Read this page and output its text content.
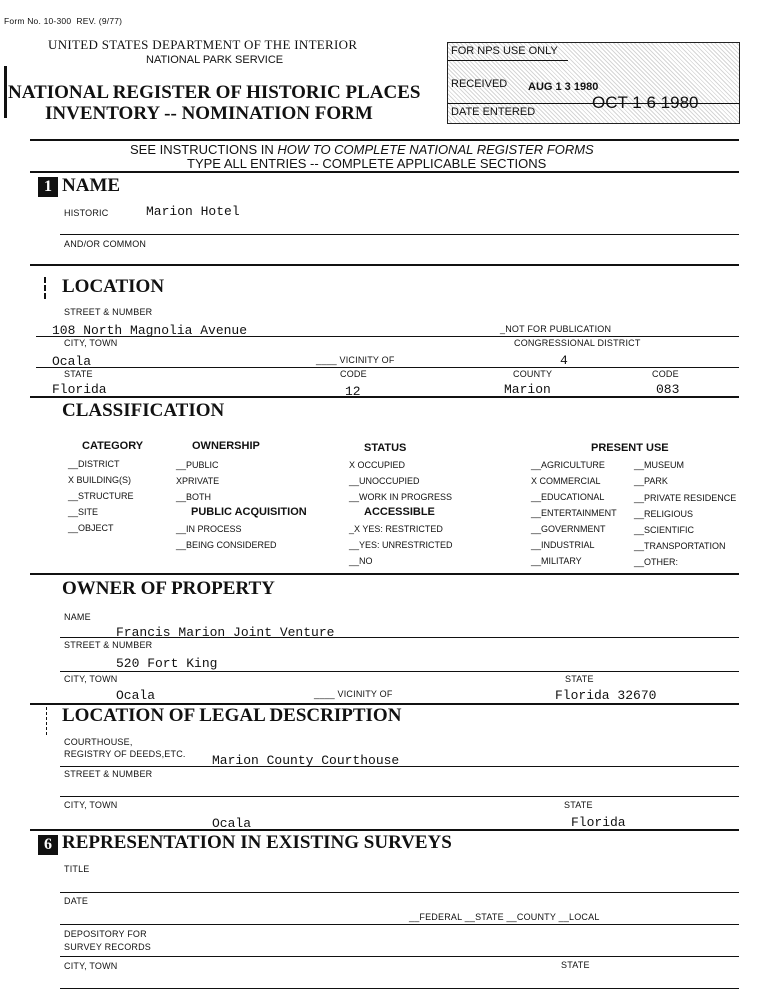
Form No. 10-300 REV. (9/77)
UNITED STATES DEPARTMENT OF THE INTERIOR
NATIONAL PARK SERVICE
NATIONAL REGISTER OF HISTORIC PLACES
INVENTORY -- NOMINATION FORM
FOR NPS USE ONLY
RECEIVED AUG 1 3 1980
DATE ENTERED	OCT 1 6 1980
SEE INSTRUCTIONS IN HOW TO COMPLETE NATIONAL REGISTER FORMS
TYPE ALL ENTRIES -- COMPLETE APPLICABLE SECTIONS
1 NAME
HISTORIC	Marion Hotel
AND/OR COMMON
LOCATION
STREET & NUMBER
108 North Magnolia Avenue	_NOT FOR PUBLICATION
CITY, TOWN	CONGRESSIONAL DISTRICT
Ocala	____ VICINITY OF	4
STATE	CODE	COUNTY	CODE
Florida	12	Marion	083
CLASSIFICATION
CATEGORY
__DISTRICT
X BUILDING(S)
__STRUCTURE
__SITE
__OBJECT
OWNERSHIP
__PUBLIC
XPRIVATE
__BOTH
PUBLIC ACQUISITION
__IN PROCESS
__BEING CONSIDERED
STATUS
X OCCUPIED
__UNOCCUPIED
__WORK IN PROGRESS
ACCESSIBLE
_X YES: RESTRICTED
__YES: UNRESTRICTED
__NO
PRESENT USE
__AGRICULTURE
X COMMERCIAL
__EDUCATIONAL
__ENTERTAINMENT
__GOVERNMENT
__INDUSTRIAL
__MILITARY
__MUSEUM
__PARK
__PRIVATE RESIDENCE
__RELIGIOUS
__SCIENTIFIC
__TRANSPORTATION
__OTHER:
OWNER OF PROPERTY
NAME
Francis Marion Joint Venture
STREET & NUMBER
520 Fort King
CITY, TOWN	STATE
Ocala	____ VICINITY OF	Florida 32670
LOCATION OF LEGAL DESCRIPTION
COURTHOUSE,
REGISTRY OF DEEDS,ETC. Marion County Courthouse
STREET & NUMBER
CITY, TOWN	STATE
Ocala	Florida
6 REPRESENTATION IN EXISTING SURVEYS
TITLE
DATE
__FEDERAL __STATE __COUNTY __LOCAL
DEPOSITORY FOR
SURVEY RECORDS
CITY, TOWN	STATE
